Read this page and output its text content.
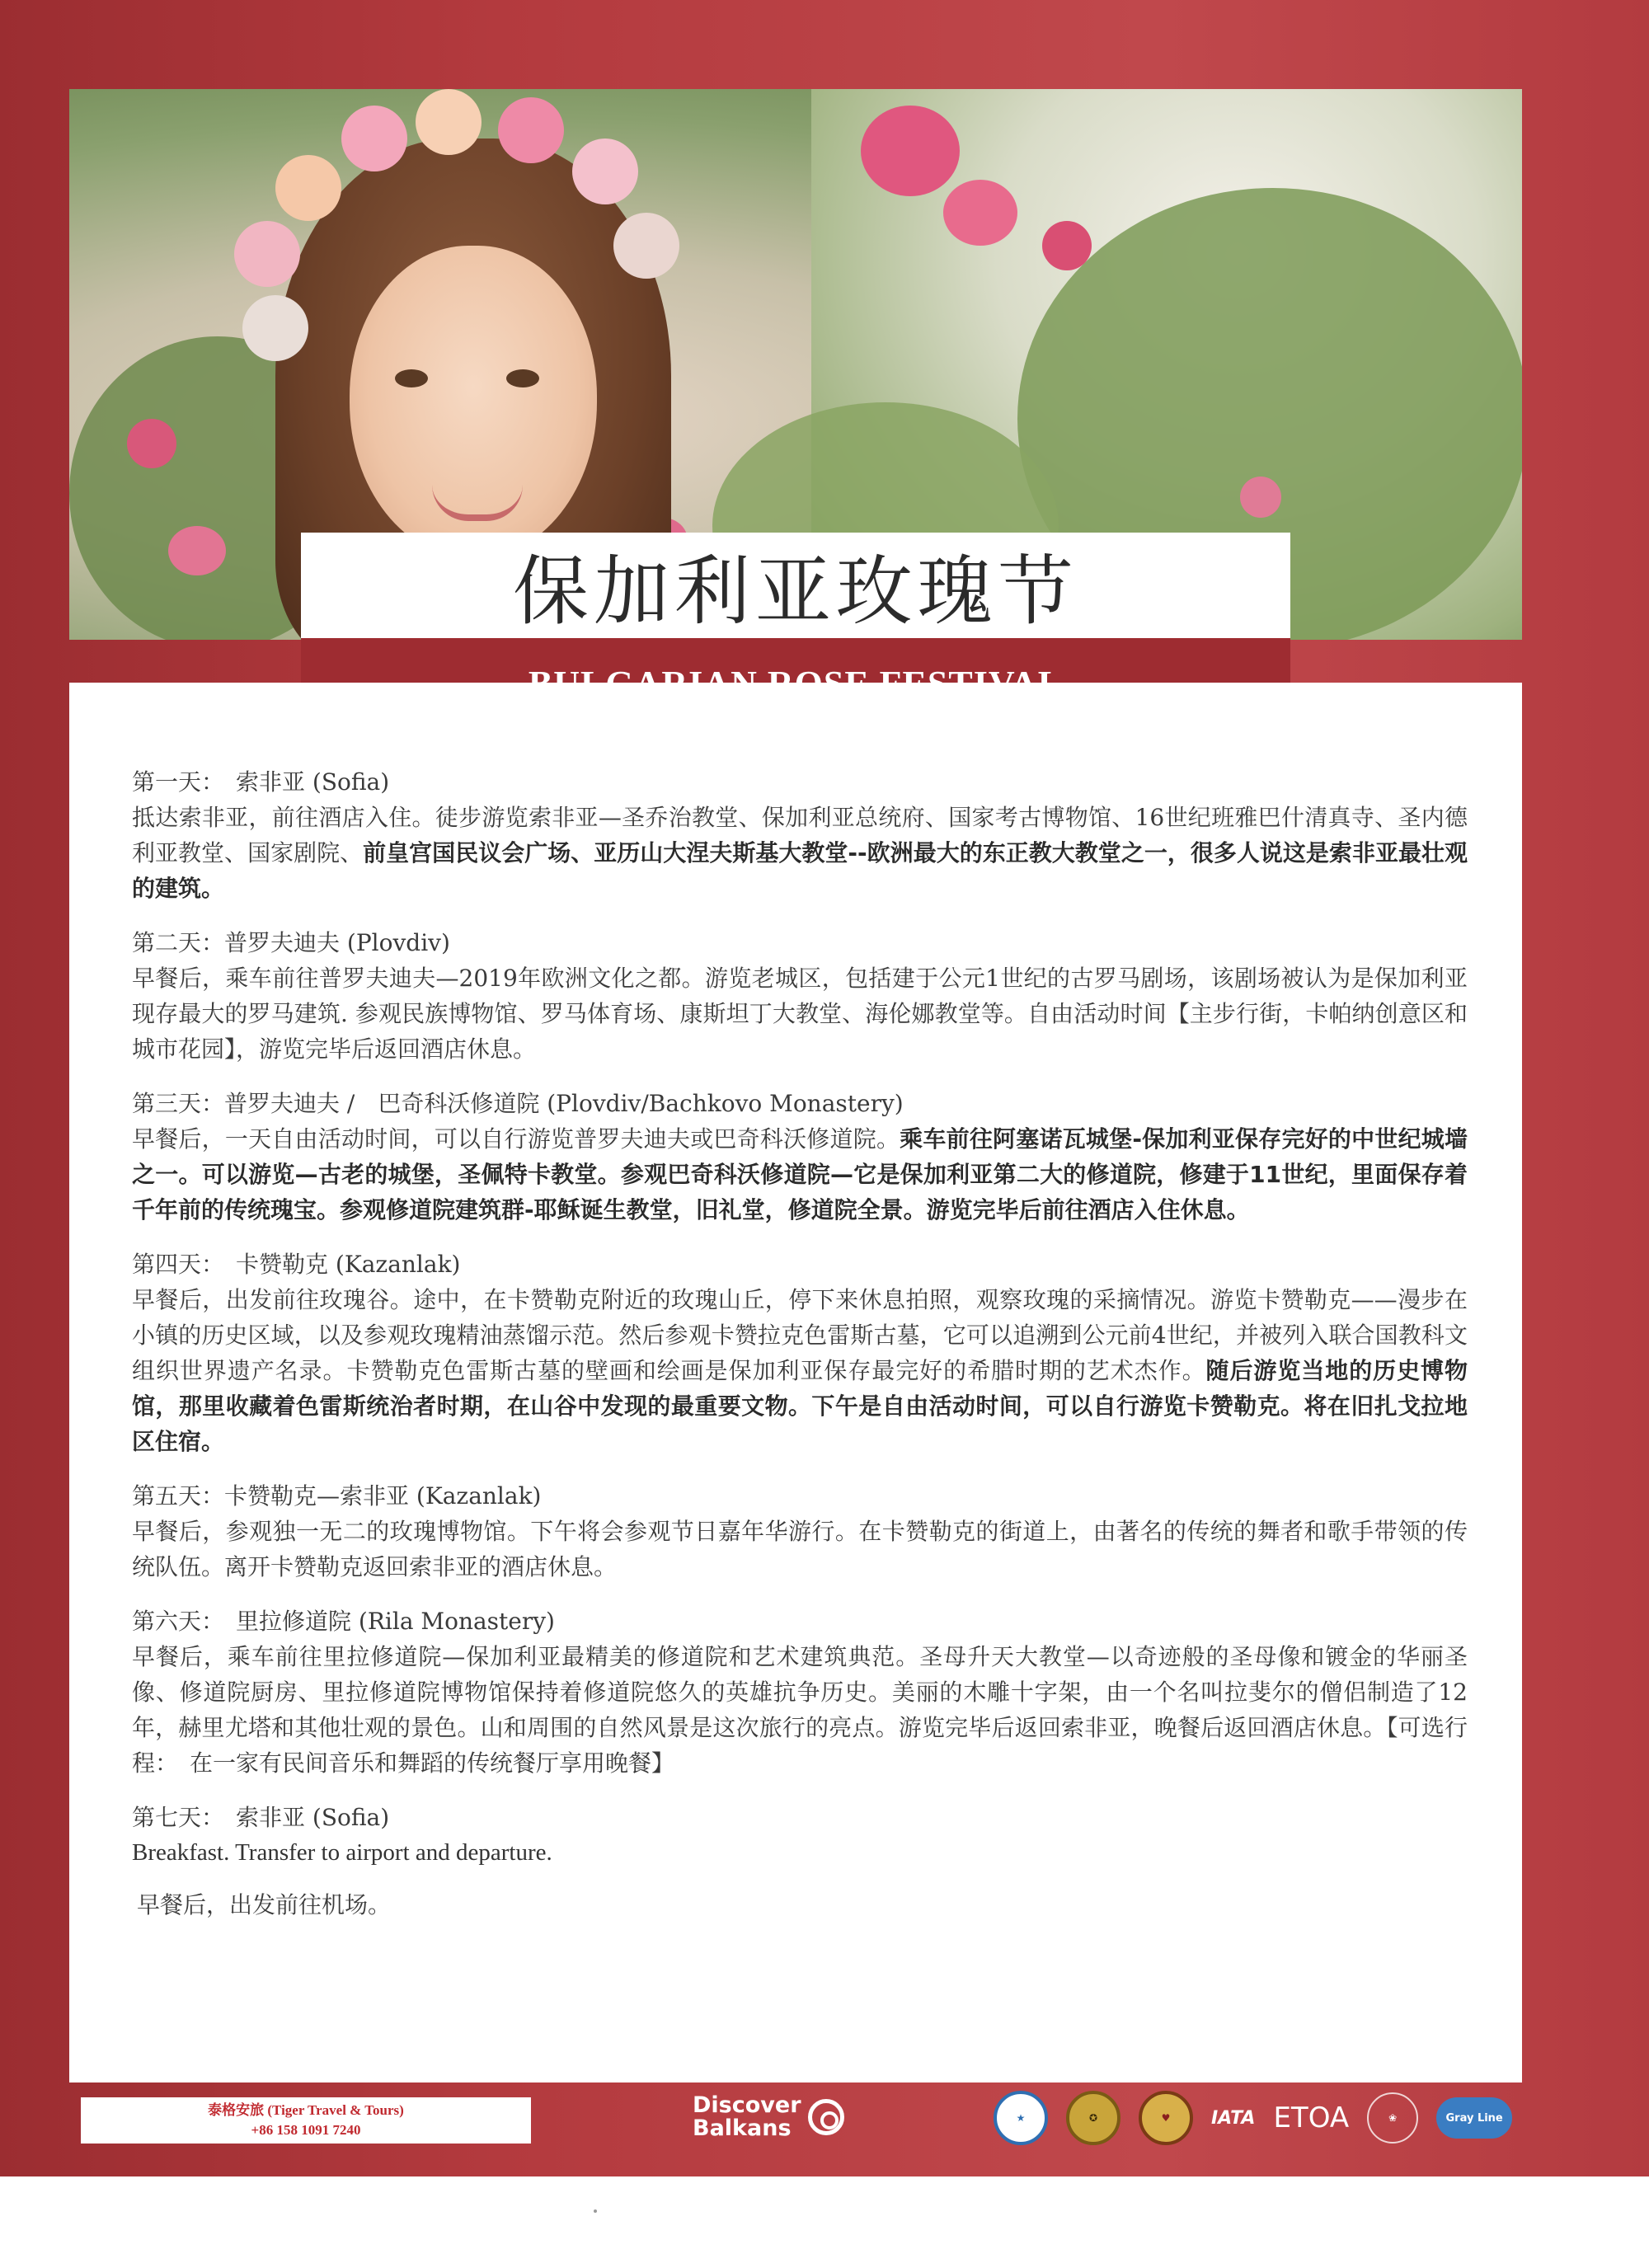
保加利亚玫瑰节

第一天：　索非亚 (Sofia)

抵达索非亚，前往酒店入住。徒步游览索非亚—圣乔治教堂、保加利亚总统府、国家考古博物馆、16世纪班雅巴什清真寺、圣内德利亚教堂、国家剧院、前皇宫国民议会广场、亚历山大涅夫斯基大教堂--欧洲最大的东正教大教堂之一，很多人说这是索非亚最壮观的建筑。

第二天：普罗夫迪夫 (Plovdiv)

早餐后，乘车前往普罗夫迪夫—2019年欧洲文化之都。游览老城区，包括建于公元1世纪的古罗马剧场，该剧场被认为是保加利亚现存最大的罗马建筑. 参观民族博物馆、罗马体育场、康斯坦丁大教堂、海伦娜教堂等。自由活动时间【主步行街，卡帕纳创意区和城市花园】，游览完毕后返回酒店休息。

第三天：普罗夫迪夫 /　巴奇科沃修道院 (Plovdiv/Bachkovo Monastery)

早餐后，一天自由活动时间，可以自行游览普罗夫迪夫或巴奇科沃修道院。乘车前往阿塞诺瓦城堡-保加利亚保存完好的中世纪城墙之一。可以游览—古老的城堡，圣佩特卡教堂。参观巴奇科沃修道院—它是保加利亚第二大的修道院，修建于11世纪，里面保存着千年前的传统瑰宝。参观修道院建筑群-耶稣诞生教堂，旧礼堂，修道院全景。游览完毕后前往酒店入住休息。

第四天：　卡赞勒克 (Kazanlak)

早餐后，出发前往玫瑰谷。途中，在卡赞勒克附近的玫瑰山丘，停下来休息拍照，观察玫瑰的采摘情况。游览卡赞勒克——漫步在小镇的历史区域，以及参观玫瑰精油蒸馏示范。然后参观卡赞拉克色雷斯古墓，它可以追溯到公元前4世纪，并被列入联合国教科文组织世界遗产名录。卡赞勒克色雷斯古墓的壁画和绘画是保加利亚保存最完好的希腊时期的艺术杰作。随后游览当地的历史博物馆，那里收藏着色雷斯统治者时期，在山谷中发现的最重要文物。下午是自由活动时间，可以自行游览卡赞勒克。将在旧扎戈拉地区住宿。

第五天：卡赞勒克—索非亚 (Kazanlak)

早餐后，参观独一无二的玫瑰博物馆。下午将会参观节日嘉年华游行。在卡赞勒克的街道上，由著名的传统的舞者和歌手带领的传统队伍。离开卡赞勒克返回索非亚的酒店休息。

第六天：　里拉修道院 (Rila Monastery)

早餐后，乘车前往里拉修道院—保加利亚最精美的修道院和艺术建筑典范。圣母升天大教堂—以奇迹般的圣母像和镀金的华丽圣像、修道院厨房、里拉修道院博物馆保持着修道院悠久的英雄抗争历史。美丽的木雕十字架，由一个名叫拉斐尔的僧侣制造了12年，赫里尤塔和其他壮观的景色。山和周围的自然风景是这次旅行的亮点。游览完毕后返回索非亚，晚餐后返回酒店休息。【可选行程：　在一家有民间音乐和舞蹈的传统餐厅享用晚餐】

第七天：　索非亚 (Sofia)

Breakfast. Transfer to airport and departure.

早餐后，出发前往机场。

泰格安旅 (Tiger Travel & Tours)
+86 158 1091 7240
Discover
Balkans	★	✪	♥	IATA ETOA	❀	Gray Line
